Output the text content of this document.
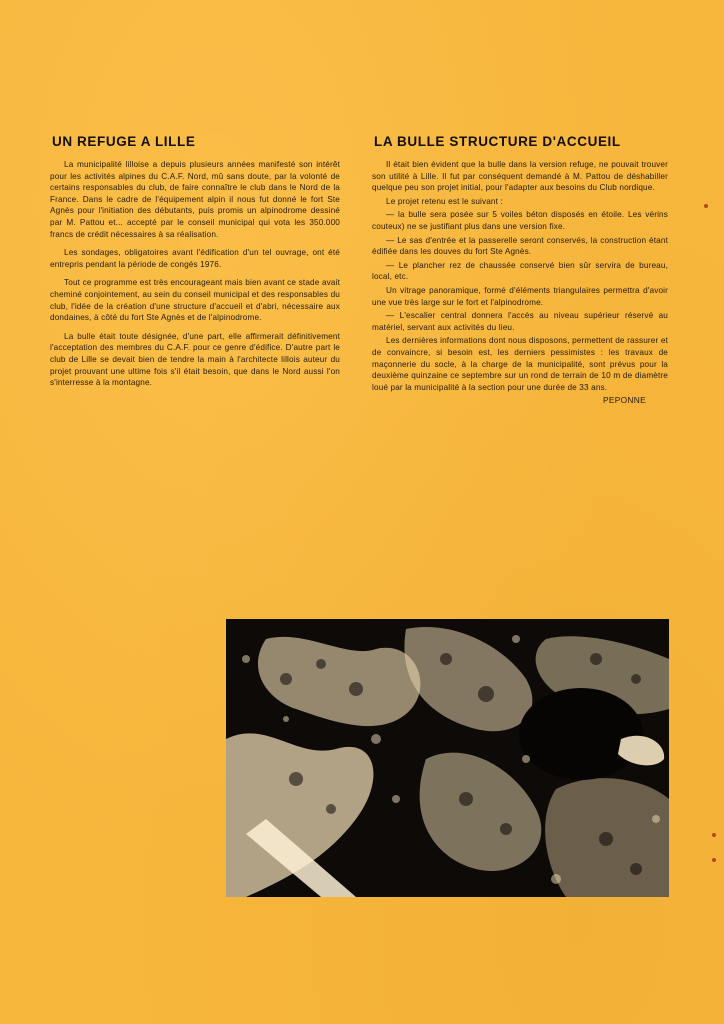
UN REFUGE A LILLE

La municipalité lilloise a depuis plusieurs années manifesté son intérêt pour les activités alpines du C.A.F. Nord, mû sans doute, par la volonté de certains responsables du club, de faire connaître le club dans le Nord de la France. Dans le cadre de l'équipement alpin il nous fut donné le fort Ste Agnès pour l'initiation des débutants, puis promis un alpinodrome dessiné par M. Pattou et... accepté par le conseil municipal qui vota les 350.000 francs de crédit nécessaires à sa réalisation.

Les sondages, obligatoires avant l'édification d'un tel ouvrage, ont été entrepris pendant la période de congés 1976.

Tout ce programme est très encourageant mais bien avant ce stade avait cheminé conjointement, au sein du conseil municipal et des responsables du club, l'idée de la création d'une structure d'accueil et d'abri, nécessaire aux dondaines, à côté du fort Ste Agnès et de l'alpinodrome.

La bulle était toute désignée, d'une part, elle affirmerait définitivement l'acceptation des membres du C.A.F. pour ce genre d'édifice. D'autre part le club de Lille se devait bien de tendre la main à l'architecte lillois auteur du projet prouvant une ultime fois s'il était besoin, que dans le Nord aussi l'on s'interresse à la montagne.

LA BULLE STRUCTURE D'ACCUEIL

Il était bien évident que la bulle dans la version refuge, ne pouvait trouver son utilité à Lille. Il fut par conséquent demandé à M. Pattou de déshabiller quelque peu son projet initial, pour l'adapter aux besoins du Club nordique.

Le projet retenu est le suivant :

— la bulle sera posée sur 5 voiles béton disposés en étoile. Les vérins couteux) ne se justifiant plus dans une version fixe.

— Le sas d'entrée et la passerelle seront conservés, la construction étant édifiée dans les douves du fort Ste Agnès.

— Le plancher rez de chaussée conservé bien sûr servira de bureau, local, etc.

Un vitrage panoramique, formé d'éléments triangulaires permettra d'avoir une vue très large sur le fort et l'alpinodrome.

— L'escalier central donnera l'accès au niveau supérieur réservé au matériel, servant aux activités du lieu.

Les dernières informations dont nous disposons, permettent de rassurer et de convaincre, si besoin est, les derniers pessimistes : les travaux de maçonnerie du socle, à la charge de la municipalité, sont prévus pour la deuxième quinzaine ce septembre sur un rond de terrain de 10 m de diamètre loué par la municipalité à la section pour une durée de 33 ans.

PEPONNE
